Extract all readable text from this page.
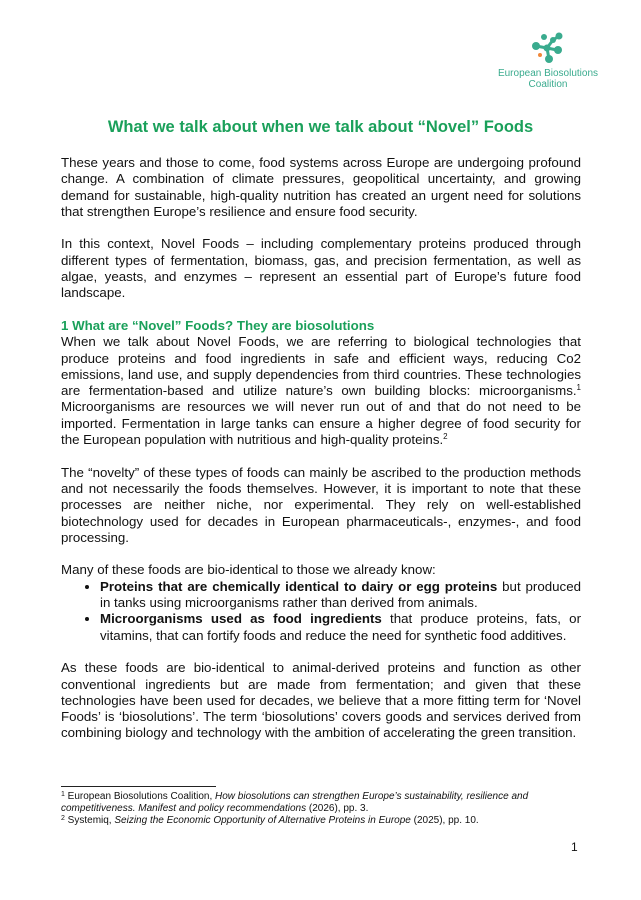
European Biosolutions
Coalition
What we talk about when we talk about “Novel” Foods

These years and those to come, food systems across Europe are undergoing profound change. A combination of climate pressures, geopolitical uncertainty, and growing demand for sustainable, high-quality nutrition has created an urgent need for solutions that strengthen Europe’s resilience and ensure food security.

In this context, Novel Foods – including complementary proteins produced through different types of fermentation, biomass, gas, and precision fermentation, as well as algae, yeasts, and enzymes – represent an essential part of Europe’s future food landscape.

1 What are “Novel” Foods? They are biosolutions

When we talk about Novel Foods, we are referring to biological technologies that produce proteins and food ingredients in safe and efficient ways, reducing Co2 emissions, land use, and supply dependencies from third countries. These technologies are fermentation-based and utilize nature’s own building blocks: microorganisms.$^1$ Microorganisms are resources we will never run out of and that do not need to be imported. Fermentation in large tanks can ensure a higher degree of food security for the European population with nutritious and high-quality proteins.$^2$

The “novelty” of these types of foods can mainly be ascribed to the production methods and not necessarily the foods themselves. However, it is important to note that these processes are neither niche, nor experimental. They rely on well-established biotechnology used for decades in European pharmaceuticals-, enzymes-, and food processing.

Many of these foods are bio-identical to those we already know:
• Proteins that are chemically identical to dairy or egg proteins but produced in tanks using microorganisms rather than derived from animals.
• Microorganisms used as food ingredients that produce proteins, fats, or vitamins, that can fortify foods and reduce the need for synthetic food additives.

As these foods are bio-identical to animal-derived proteins and function as other conventional ingredients but are made from fermentation; and given that these technologies have been used for decades, we believe that a more fitting term for ‘Novel Foods’ is ‘biosolutions’. The term ‘biosolutions’ covers goods and services derived from combining biology and technology with the ambition of accelerating the green transition.

$^1$ European Biosolutions Coalition, How biosolutions can strengthen Europe’s sustainability, resilience and competitiveness. Manifest and policy recommendations (2026), pp. 3.
$^2$ Systemiq, Seizing the Economic Opportunity of Alternative Proteins in Europe (2025), pp. 10.
1
